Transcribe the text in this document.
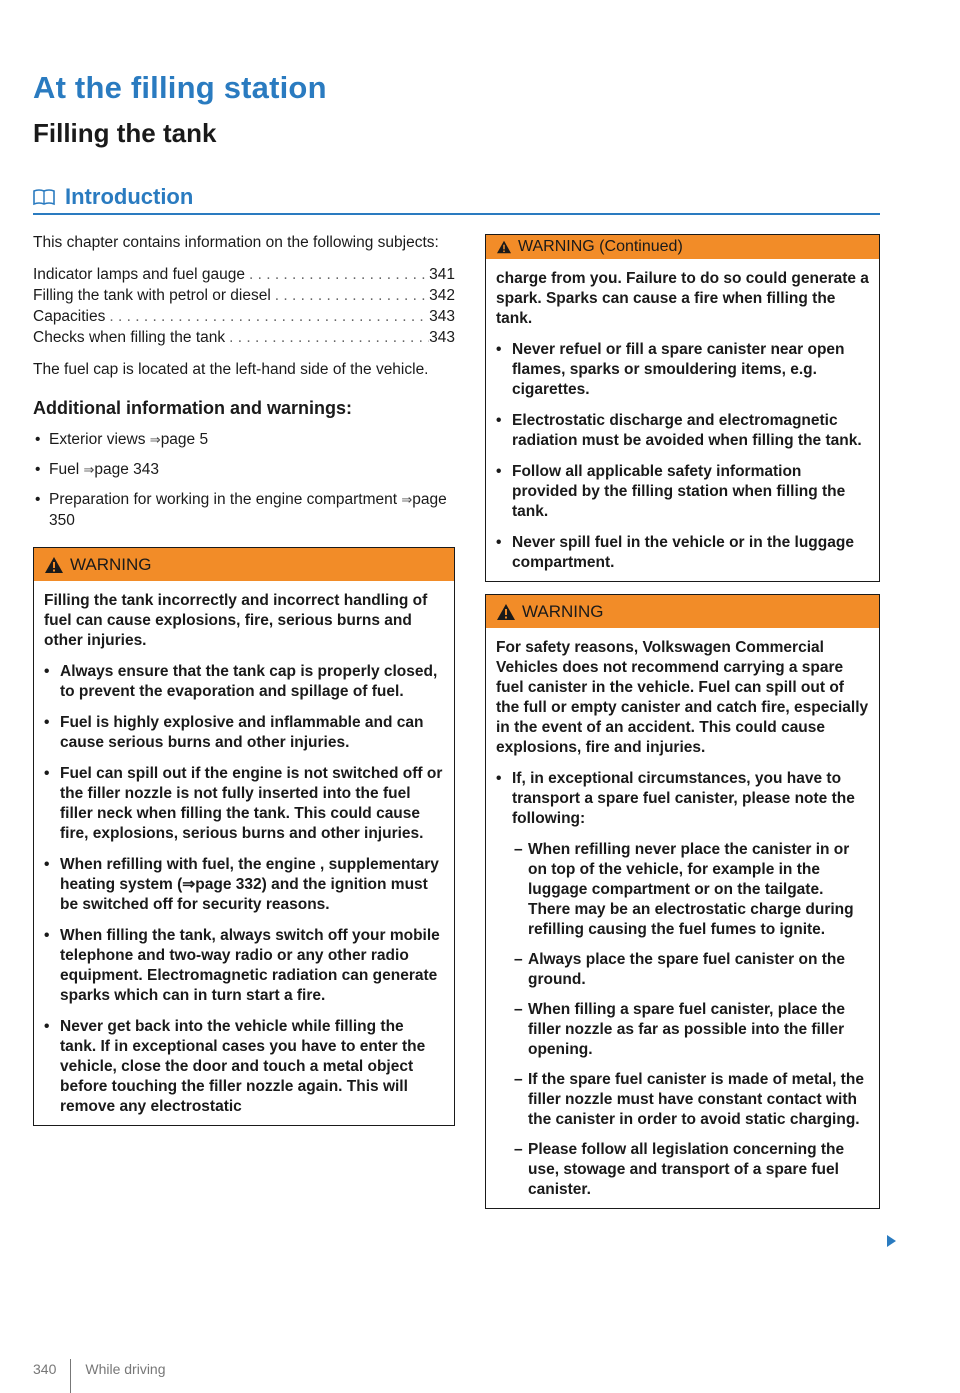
At the filling station
Filling the tank
Introduction

This chapter contains information on the following subjects:

Indicator lamps and fuel gauge . . .	341
Filling the tank with petrol or diesel . . .	342
Capacities . . .	343
Checks when filling the tank . . .	343

The fuel cap is located at the left-hand side of the vehicle.

Additional information and warnings:
• Exterior views ⇒page 5
• Fuel ⇒page 343
• Preparation for working in the engine compartment ⇒page 350
WARNING

Filling the tank incorrectly and incorrect handling of fuel can cause explosions, fire, serious burns and other injuries.

• Always ensure that the tank cap is properly closed, to prevent the evaporation and spillage of fuel.
• Fuel is highly explosive and inflammable and can cause serious burns and other injuries.
• Fuel can spill out if the engine is not switched off or the filler nozzle is not fully inserted into the fuel filler neck when filling the tank. This could cause fire, explosions, serious burns and other injuries.
• When refilling with fuel, the engine , supplementary heating system (⇒page 332) and the ignition must be switched off for security reasons.
• When filling the tank, always switch off your mobile telephone and two-way radio or any other radio equipment. Electromagnetic radiation can generate sparks which can in turn start a fire.
• Never get back into the vehicle while filling the tank. If in exceptional cases you have to enter the vehicle, close the door and touch a metal object before touching the filler nozzle again. This will remove any electrostatic
WARNING (Continued)

charge from you. Failure to do so could generate a spark. Sparks can cause a fire when filling the tank.

• Never refuel or fill a spare canister near open flames, sparks or smouldering items, e.g. cigarettes.
• Electrostatic discharge and electromagnetic radiation must be avoided when filling the tank.
• Follow all applicable safety information provided by the filling station when filling the tank.
• Never spill fuel in the vehicle or in the luggage compartment.
WARNING

For safety reasons, Volkswagen Commercial Vehicles does not recommend carrying a spare fuel canister in the vehicle. Fuel can spill out of the full or empty canister and catch fire, especially in the event of an accident. This could cause explosions, fire and injuries.

• If, in exceptional circumstances, you have to transport a spare fuel canister, please note the following:
– When refilling never place the canister in or on top of the vehicle, for example in the luggage compartment or on the tailgate. There may be an electrostatic charge during refilling causing the fuel fumes to ignite.
– Always place the spare fuel canister on the ground.
– When filling a spare fuel canister, place the filler nozzle as far as possible into the filler opening.
– If the spare fuel canister is made of metal, the filler nozzle must have constant contact with the canister in order to avoid static charging.
– Please follow all legislation concerning the use, stowage and transport of a spare fuel canister.
340 While driving
